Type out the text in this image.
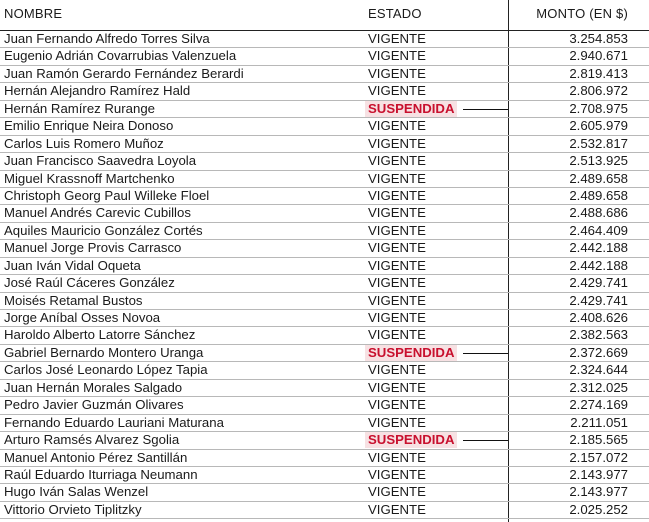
NOMBRE	ESTADO	MONTO (EN $)
Juan Fernando Alfredo Torres Silva	VIGENTE	3.254.853
Eugenio Adrián Covarrubias Valenzuela	VIGENTE	2.940.671
Juan Ramón Gerardo Fernández Berardi	VIGENTE	2.819.413
Hernán Alejandro Ramírez Hald	VIGENTE	2.806.972
Hernán Ramírez Rurange	SUSPENDIDA	2.708.975
Emilio Enrique Neira Donoso	VIGENTE	2.605.979
Carlos Luis Romero Muñoz	VIGENTE	2.532.817
Juan Francisco Saavedra Loyola	VIGENTE	2.513.925
Miguel Krassnoff Martchenko	VIGENTE	2.489.658
Christoph Georg Paul Willeke Floel	VIGENTE	2.489.658
Manuel Andrés Carevic Cubillos	VIGENTE	2.488.686
Aquiles Mauricio González Cortés	VIGENTE	2.464.409
Manuel Jorge Provis Carrasco	VIGENTE	2.442.188
Juan Iván Vidal Oqueta	VIGENTE	2.442.188
José Raúl Cáceres González	VIGENTE	2.429.741
Moisés Retamal Bustos	VIGENTE	2.429.741
Jorge Aníbal Osses Novoa	VIGENTE	2.408.626
Haroldo Alberto Latorre Sánchez	VIGENTE	2.382.563
Gabriel Bernardo Montero Uranga	SUSPENDIDA	2.372.669
Carlos José Leonardo López Tapia	VIGENTE	2.324.644
Juan Hernán Morales Salgado	VIGENTE	2.312.025
Pedro Javier Guzmán Olivares	VIGENTE	2.274.169
Fernando Eduardo Lauriani Maturana	VIGENTE	2.211.051
Arturo Ramsés Alvarez Sgolia	SUSPENDIDA	2.185.565
Manuel Antonio Pérez Santillán	VIGENTE	2.157.072
Raúl Eduardo Iturriaga Neumann	VIGENTE	2.143.977
Hugo Iván Salas Wenzel	VIGENTE	2.143.977
Vittorio Orvieto Tiplitzky	VIGENTE	2.025.252
